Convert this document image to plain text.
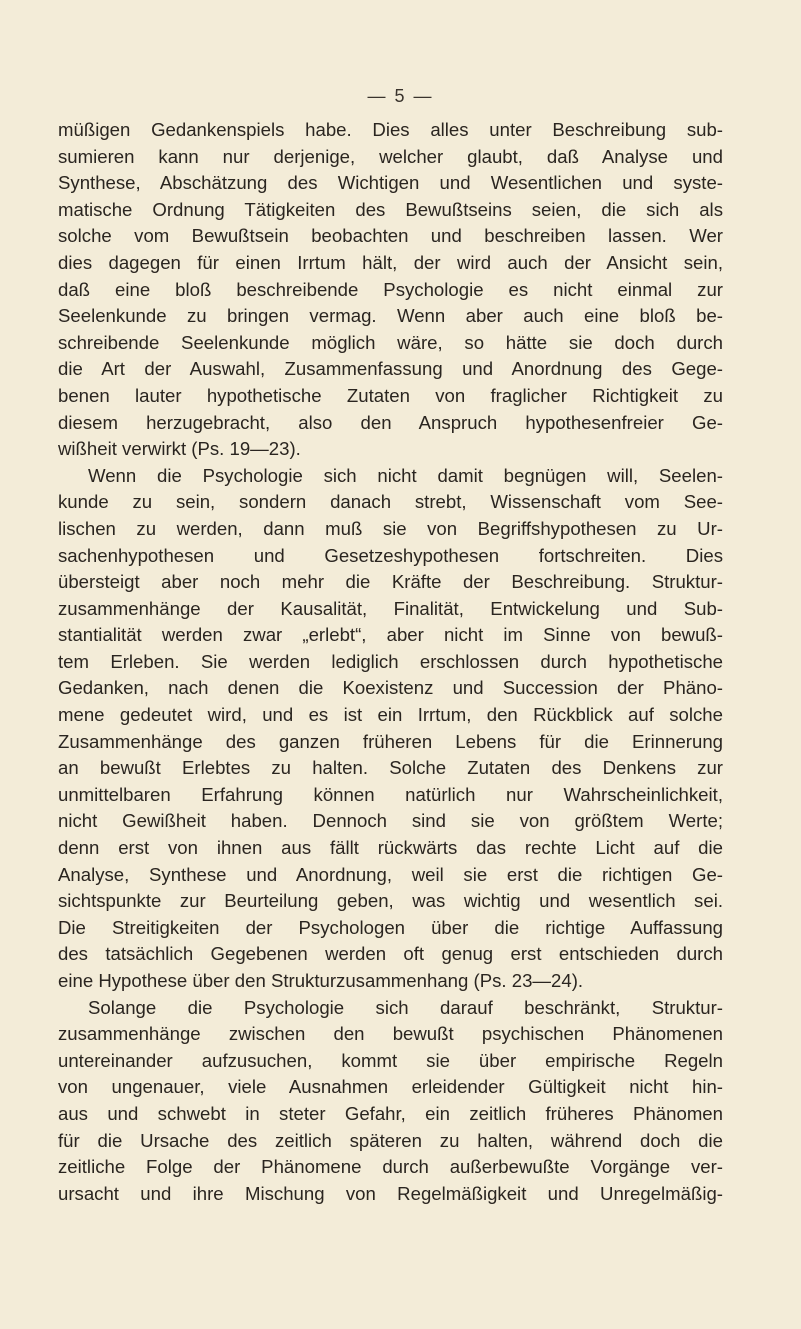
— 5 —
müßigen Gedankenspiels habe. Dies alles unter Beschreibung sub-
sumieren kann nur derjenige, welcher glaubt, daß Analyse und
Synthese, Abschätzung des Wichtigen und Wesentlichen und syste-
matische Ordnung Tätigkeiten des Bewußtseins seien, die sich als
solche vom Bewußtsein beobachten und beschreiben lassen. Wer
dies dagegen für einen Irrtum hält, der wird auch der Ansicht sein,
daß eine bloß beschreibende Psychologie es nicht einmal zur
Seelenkunde zu bringen vermag. Wenn aber auch eine bloß be-
schreibende Seelenkunde möglich wäre, so hätte sie doch durch
die Art der Auswahl, Zusammenfassung und Anordnung des Gege-
benen lauter hypothetische Zutaten von fraglicher Richtigkeit zu
diesem herzugebracht, also den Anspruch hypothesenfreier Ge-
wißheit verwirkt (Ps. 19—23).
Wenn die Psychologie sich nicht damit begnügen will, Seelen-
kunde zu sein, sondern danach strebt, Wissenschaft vom See-
lischen zu werden, dann muß sie von Begriffshypothesen zu Ur-
sachenhypothesen und Gesetzeshypothesen fortschreiten. Dies
übersteigt aber noch mehr die Kräfte der Beschreibung. Struktur-
zusammenhänge der Kausalität, Finalität, Entwickelung und Sub-
stantialität werden zwar „erlebt“, aber nicht im Sinne von bewuß-
tem Erleben. Sie werden lediglich erschlossen durch hypothetische
Gedanken, nach denen die Koexistenz und Succession der Phäno-
mene gedeutet wird, und es ist ein Irrtum, den Rückblick auf solche
Zusammenhänge des ganzen früheren Lebens für die Erinnerung
an bewußt Erlebtes zu halten. Solche Zutaten des Denkens zur
unmittelbaren Erfahrung können natürlich nur Wahrscheinlichkeit,
nicht Gewißheit haben. Dennoch sind sie von größtem Werte;
denn erst von ihnen aus fällt rückwärts das rechte Licht auf die
Analyse, Synthese und Anordnung, weil sie erst die richtigen Ge-
sichtspunkte zur Beurteilung geben, was wichtig und wesentlich sei.
Die Streitigkeiten der Psychologen über die richtige Auffassung
des tatsächlich Gegebenen werden oft genug erst entschieden durch
eine Hypothese über den Strukturzusammenhang (Ps. 23—24).
Solange die Psychologie sich darauf beschränkt, Struktur-
zusammenhänge zwischen den bewußt psychischen Phänomenen
untereinander aufzusuchen, kommt sie über empirische Regeln
von ungenauer, viele Ausnahmen erleidender Gültigkeit nicht hin-
aus und schwebt in steter Gefahr, ein zeitlich früheres Phänomen
für die Ursache des zeitlich späteren zu halten, während doch die
zeitliche Folge der Phänomene durch außerbewußte Vorgänge ver-
ursacht und ihre Mischung von Regelmäßigkeit und Unregelmäßig-
